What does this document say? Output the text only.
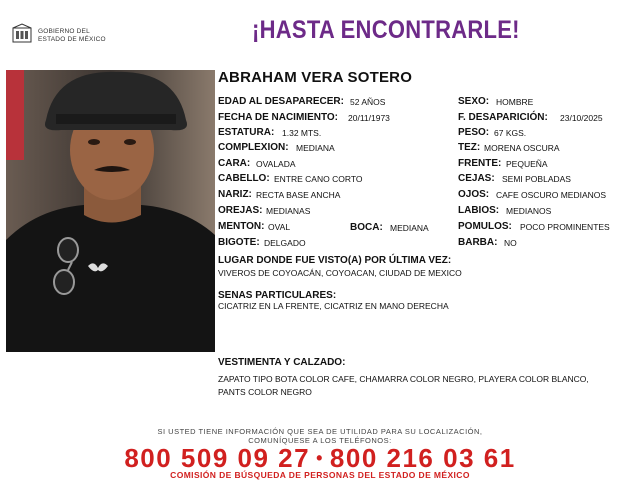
GOBIERNO DEL
ESTADO DE MÉXICO	¡HASTA ENCONTRARLE!
ABRAHAM VERA SOTERO
EDAD AL DESAPARECER: 52 AÑOS
FECHA DE NACIMIENTO: 20/11/1973
ESTATURA: 1.32 MTS.
COMPLEXION: MEDIANA
CARA: OVALADA
CABELLO: ENTRE CANO CORTO
NARIZ: RECTA BASE ANCHA
OREJAS: MEDIANAS
MENTON: OVAL	BOCA: MEDIANA
BIGOTE: DELGADO
SEXO: HOMBRE
F. DESAPARICIÓN: 23/10/2025
PESO: 67 KGS.
TEZ: MORENA OSCURA
FRENTE: PEQUEÑA
CEJAS: SEMI POBLADAS
OJOS: CAFE OSCURO MEDIANOS
LABIOS: MEDIANOS
POMULOS: POCO PROMINENTES
BARBA: NO
LUGAR DONDE FUE VISTO(A) POR ÚLTIMA VEZ:
VIVEROS DE COYOACÁN, COYOACAN, CIUDAD DE MEXICO
SENAS PARTICULARES:
CICATRIZ EN LA FRENTE, CICATRIZ EN MANO DERECHA
VESTIMENTA Y CALZADO:
ZAPATO TIPO BOTA COLOR CAFE, CHAMARRA COLOR NEGRO, PLAYERA COLOR BLANCO, PANTS COLOR NEGRO
SI USTED TIENE INFORMACIÓN QUE SEA DE UTILIDAD PARA SU LOCALIZACIÓN,
COMUNÍQUESE A LOS TELÉFONOS:
800 509 09 27 • 800 216 03 61
COMISIÓN DE BÚSQUEDA DE PERSONAS DEL ESTADO DE MÉXICO
